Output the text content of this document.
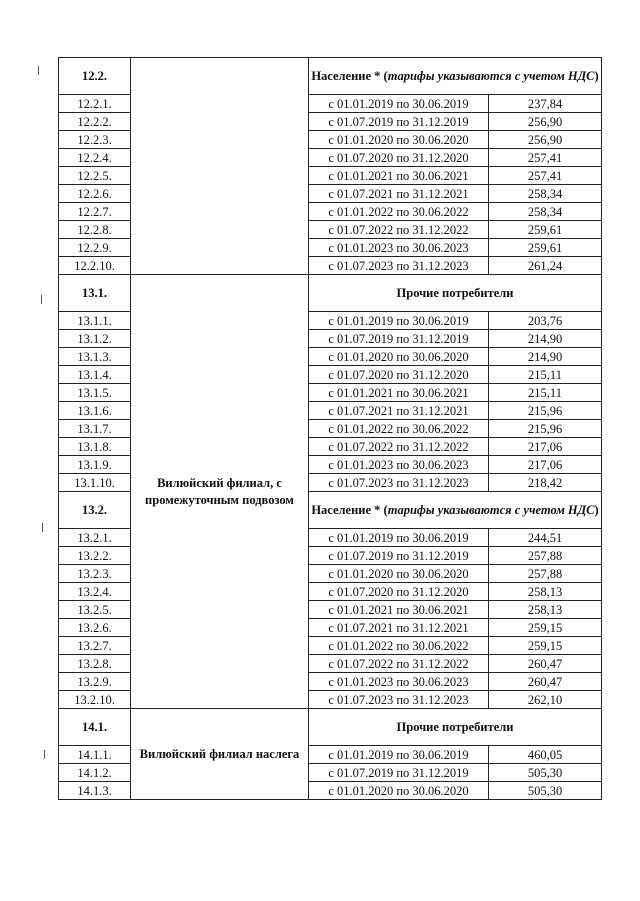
12.2.		Население * (тарифы указываются с учетом НДС)	
12.2.1.		с 01.01.2019 по 30.06.2019	237,84
12.2.2.		с 01.07.2019 по 31.12.2019	256,90
12.2.3.		с 01.01.2020 по 30.06.2020	256,90
12.2.4.		с 01.07.2020 по 31.12.2020	257,41
12.2.5.		с 01.01.2021 по 30.06.2021	257,41
12.2.6.		с 01.07.2021 по 31.12.2021	258,34
12.2.7.		с 01.01.2022 по 30.06.2022	258,34
12.2.8.		с 01.07.2022 по 31.12.2022	259,61
12.2.9.		с 01.01.2023 по 30.06.2023	259,61
12.2.10.		с 01.07.2023 по 31.12.2023	261,24
13.1.	Вилюйский филиал, с промежуточным подвозом	Прочие потребители	
13.1.1.		с 01.01.2019 по 30.06.2019	203,76
13.1.2.		с 01.07.2019 по 31.12.2019	214,90
13.1.3.		с 01.01.2020 по 30.06.2020	214,90
13.1.4.		с 01.07.2020 по 31.12.2020	215,11
13.1.5.		с 01.01.2021 по 30.06.2021	215,11
13.1.6.		с 01.07.2021 по 31.12.2021	215,96
13.1.7.		с 01.01.2022 по 30.06.2022	215,96
13.1.8.		с 01.07.2022 по 31.12.2022	217,06
13.1.9.		с 01.01.2023 по 30.06.2023	217,06
13.1.10.		с 01.07.2023 по 31.12.2023	218,42
13.2.		Население * (тарифы указываются с учетом НДС)	
13.2.1.		с 01.01.2019 по 30.06.2019	244,51
13.2.2.		с 01.07.2019 по 31.12.2019	257,88
13.2.3.		с 01.01.2020 по 30.06.2020	257,88
13.2.4.		с 01.07.2020 по 31.12.2020	258,13
13.2.5.		с 01.01.2021 по 30.06.2021	258,13
13.2.6.		с 01.07.2021 по 31.12.2021	259,15
13.2.7.		с 01.01.2022 по 30.06.2022	259,15
13.2.8.		с 01.07.2022 по 31.12.2022	260,47
13.2.9.		с 01.01.2023 по 30.06.2023	260,47
13.2.10.		с 01.07.2023 по 31.12.2023	262,10
14.1.	Вилюйский филиал наслега	Прочие потребители	
14.1.1.		с 01.01.2019 по 30.06.2019	460,05
14.1.2.		с 01.07.2019 по 31.12.2019	505,30
14.1.3.		с 01.01.2020 по 30.06.2020	505,30
